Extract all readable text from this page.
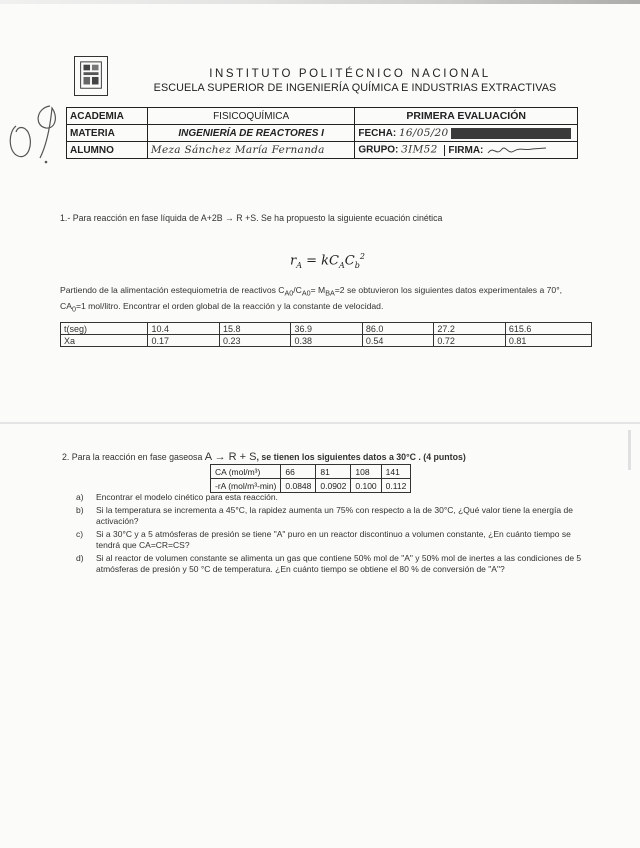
INSTITUTO POLITÉCNICO NACIONAL
ESCUELA SUPERIOR DE INGENIERÍA QUÍMICA E INDUSTRIAS EXTRACTIVAS
ACADEMIA	FISICOQUÍMICA	PRIMERA EVALUACIÓN
MATERIA	INGENIERÍA DE REACTORES I	FECHA: 16/05/20
ALUMNO	Meza Sánchez María Fernanda	GRUPO: 3IM52 FIRMA:
1.- Para reacción en fase líquida de A+2B → R +S. Se ha propuesto la siguiente ecuación cinética
$r_A = kC_AC_b^2$
Partiendo de la alimentación estequiometria de reactivos $C_{A0}/C_{A0}= M_{BA}=2$ se obtuvieron los siguientes datos experimentales a 70°,
$CA_0=1$ mol/litro. Encontrar el orden global de la reacción y la constante de velocidad.
t(seg)	10.4	15.8	36.9	86.0	27.2	615.6
Xa	0.17	0.23	0.38	0.54	0.72	0.81
2. Para la reacción en fase gaseosa A → R + S, se tienen los siguientes datos a 30°C . (4 puntos)
CA (mol/m³)	66	81	108	141
-rA (mol/m³-min)	0.0848	0.0902	0.100	0.112
a)	Encontrar el modelo cinético para esta reacción.
b)	Si la temperatura se incrementa a 45°C, la rapidez aumenta un 75% con respecto a la de 30°C, ¿Qué valor tiene la energía de activación?
c)	Si a 30°C y a 5 atmósferas de presión se tiene "A" puro en un reactor discontinuo a volumen constante, ¿En cuánto tiempo se tendrá que CA=CR=CS?
d)	Si al reactor de volumen constante se alimenta un gas que contiene 50% mol de "A" y 50% mol de inertes a las condiciones de 5 atmósferas de presión y 50 °C de temperatura. ¿En cuánto tiempo se obtiene el 80 % de conversión de "A"?
